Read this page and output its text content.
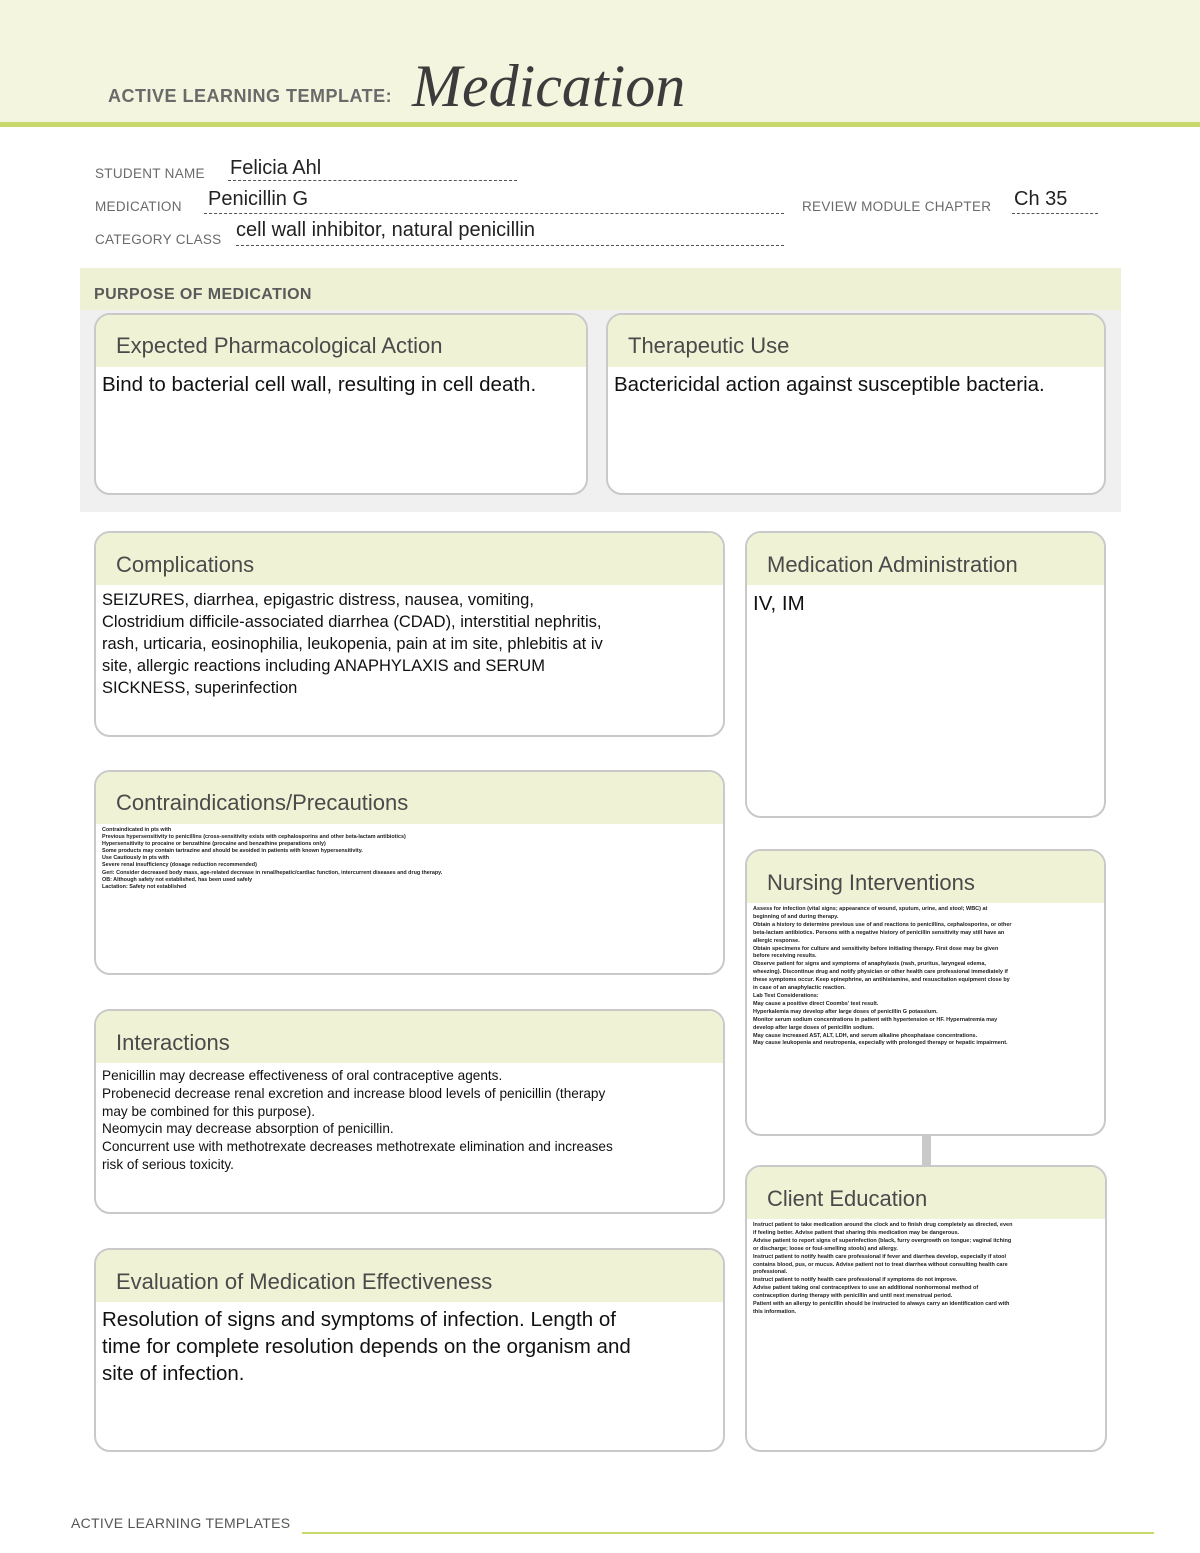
ACTIVE LEARNING TEMPLATE: Medication
STUDENT NAME Felicia Ahl
MEDICATION Penicillin G	REVIEW MODULE CHAPTER Ch 35
CATEGORY CLASS cell wall inhibitor, natural penicillin
PURPOSE OF MEDICATION
Expected Pharmacological Action
Bind to bacterial cell wall, resulting in cell death.
Therapeutic Use
Bactericidal action against susceptible bacteria.
Complications
SEIZURES, diarrhea, epigastric distress, nausea, vomiting,
Clostridium difficile-associated diarrhea (CDAD), interstitial nephritis,
rash, urticaria, eosinophilia, leukopenia, pain at im site, phlebitis at iv
site, allergic reactions including ANAPHYLAXIS and SERUM
SICKNESS, superinfection
Medication Administration
IV, IM
Contraindications/Precautions
Contraindicated in pts with
Previous hypersensitivity to penicillins (cross-sensitivity exists with cephalosporins and other beta-lactam antibiotics)
Hypersensitivity to procaine or benzathine (procaine and benzathine preparations only)
Some products may contain tartrazine and should be avoided in patients with known hypersensitivity.
Use Cautiously in pts with
Severe renal insufficiency (dosage reduction recommended)
Geri: Consider decreased body mass, age-related decrease in renal/hepatic/cardiac function, intercurrent diseases and drug therapy.
OB: Although safety not established, has been used safely
Lactation: Safety not established	Nursing Interventions
Assess for infection (vital signs; appearance of wound, sputum, urine, and stool; WBC) at
beginning of and during therapy.
Obtain a history to determine previous use of and reactions to penicillins, cephalosporins, or other
beta-lactam antibiotics. Persons with a negative history of penicillin sensitivity may still have an
allergic response.
Obtain specimens for culture and sensitivity before initiating therapy. First dose may be given
before receiving results.
Observe patient for signs and symptoms of anaphylaxis (rash, pruritus, laryngeal edema,
wheezing). Discontinue drug and notify physician or other health care professional immediately if
these symptoms occur. Keep epinephrine, an antihistamine, and resuscitation equipment close by
in case of an anaphylactic reaction.
Lab Test Considerations:
May cause a positive direct Coombs' test result.
Hyperkalemia may develop after large doses of penicillin G potassium.
Monitor serum sodium concentrations in patient with hypertension or HF. Hypernatremia may
develop after large doses of penicillin sodium.
May cause increased AST, ALT, LDH, and serum alkaline phosphatase concentrations.
May cause leukopenia and neutropenia, especially with prolonged therapy or hepatic impairment.
Interactions
Penicillin may decrease effectiveness of oral contraceptive agents.
Probenecid decrease renal excretion and increase blood levels of penicillin (therapy
may be combined for this purpose).
Neomycin may decrease absorption of penicillin.
Concurrent use with methotrexate decreases methotrexate elimination and increases
risk of serious toxicity.
Client Education
Instruct patient to take medication around the clock and to finish drug completely as directed, even
if feeling better. Advise patient that sharing this medication may be dangerous.
Advise patient to report signs of superinfection (black, furry overgrowth on tongue; vaginal itching
or discharge; loose or foul-smelling stools) and allergy.
Instruct patient to notify health care professional if fever and diarrhea develop, especially if stool
contains blood, pus, or mucus. Advise patient not to treat diarrhea without consulting health care
professional.
Instruct patient to notify health care professional if symptoms do not improve.
Advise patient taking oral contraceptives to use an additional nonhormonal method of
contraception during therapy with penicillin and until next menstrual period.
Patient with an allergy to penicillin should be instructed to always carry an identification card with
this information.
Evaluation of Medication Effectiveness
Resolution of signs and symptoms of infection. Length of
time for complete resolution depends on the organism and
site of infection.
ACTIVE LEARNING TEMPLATES
